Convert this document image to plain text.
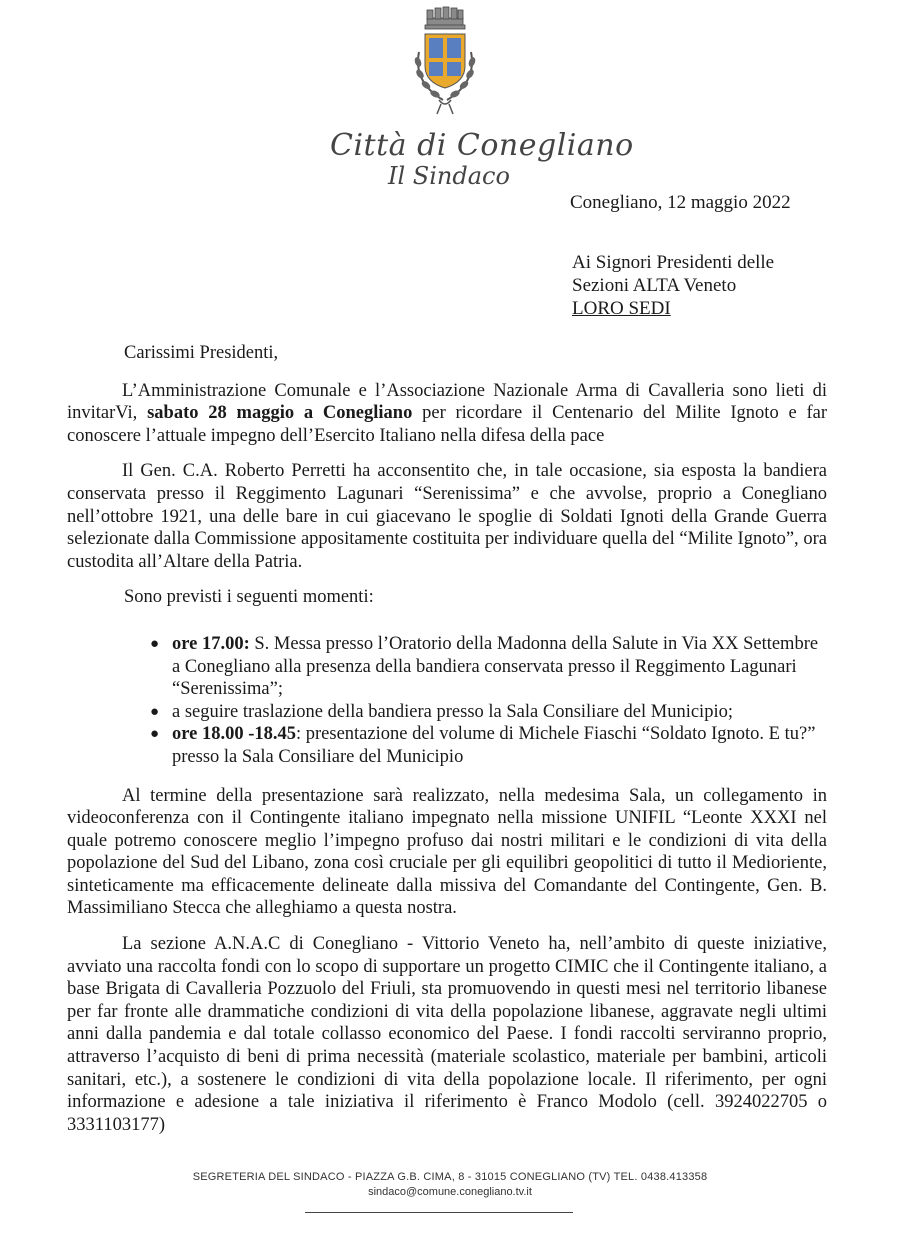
Città di Conegliano
Il Sindaco
Conegliano, 12 maggio 2022
Ai Signori Presidenti delle
Sezioni ALTA Veneto
LORO SEDI
Carissimi Presidenti,

L’Amministrazione Comunale e l’Associazione Nazionale Arma di Cavalleria sono lieti di invitarVi, sabato 28 maggio a Conegliano per ricordare il Centenario del Milite Ignoto e far conoscere l’attuale impegno dell’Esercito Italiano nella difesa della pace

Il Gen. C.A. Roberto Perretti ha acconsentito che, in tale occasione, sia esposta la bandiera conservata presso il Reggimento Lagunari “Serenissima” e che avvolse, proprio a Conegliano nell’ottobre 1921, una delle bare in cui giacevano le spoglie di Soldati Ignoti della Grande Guerra selezionate dalla Commissione appositamente costituita per individuare quella del “Milite Ignoto”, ora custodita all’Altare della Patria.

Sono previsti i seguenti momenti:

● ore 17.00: S. Messa presso l’Oratorio della Madonna della Salute in Via XX Settembre a Conegliano alla presenza della bandiera conservata presso il Reggimento Lagunari “Serenissima”;
● a seguire traslazione della bandiera presso la Sala Consiliare del Municipio;
● ore 18.00 -18.45: presentazione del volume di Michele Fiaschi “Soldato Ignoto. E tu?” presso la Sala Consiliare del Municipio

Al termine della presentazione sarà realizzato, nella medesima Sala, un collegamento in videoconferenza con il Contingente italiano impegnato nella missione UNIFIL “Leonte XXXI nel quale potremo conoscere meglio l’impegno profuso dai nostri militari e le condizioni di vita della popolazione del Sud del Libano, zona così cruciale per gli equilibri geopolitici di tutto il Medioriente, sinteticamente ma efficacemente delineate dalla missiva del Comandante del Contingente, Gen. B. Massimiliano Stecca che alleghiamo a questa nostra.

La sezione A.N.A.C di Conegliano - Vittorio Veneto ha, nell’ambito di queste iniziative, avviato una raccolta fondi con lo scopo di supportare un progetto CIMIC che il Contingente italiano, a base Brigata di Cavalleria Pozzuolo del Friuli, sta promuovendo in questi mesi nel territorio libanese per far fronte alle drammatiche condizioni di vita della popolazione libanese, aggravate negli ultimi anni dalla pandemia e dal totale collasso economico del Paese. I fondi raccolti serviranno proprio, attraverso l’acquisto di beni di prima necessità (materiale scolastico, materiale per bambini, articoli sanitari, etc.), a sostenere le condizioni di vita della popolazione locale. Il riferimento, per ogni informazione e adesione a tale iniziativa il riferimento è Franco Modolo (cell. 3924022705 o 3331103177)

SEGRETERIA DEL SINDACO - PIAZZA G.B. CIMA, 8 - 31015 CONEGLIANO (TV) TEL. 0438.413358
sindaco@comune.conegliano.tv.it
